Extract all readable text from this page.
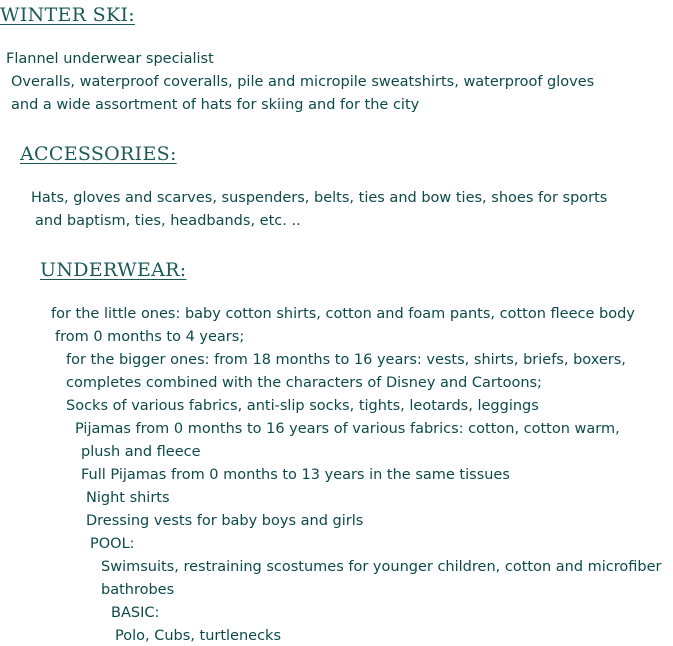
WINTER SKI:
Flannel underwear specialist
Overalls, waterproof coveralls, pile and micropile sweatshirts, waterproof gloves
and a wide assortment of hats for skiing and for the city
ACCESSORIES:
Hats, gloves and scarves, suspenders, belts, ties and bow ties, shoes for sports
and baptism, ties, headbands, etc. ..
UNDERWEAR:
for the little ones: baby cotton shirts, cotton and foam pants, cotton fleece body
from 0 months to 4 years;
for the bigger ones: from 18 months to 16 years: vests, shirts, briefs, boxers,
completes combined with the characters of Disney and Cartoons;
Socks of various fabrics, anti-slip socks, tights, leotards, leggings
Pijamas from 0 months to 16 years of various fabrics: cotton, cotton warm,
plush and fleece
Full Pijamas from 0 months to 13 years in the same tissues
Night shirts
Dressing vests for baby boys and girls
POOL:
Swimsuits, restraining scostumes for younger children, cotton and microfiber
bathrobes
BASIC:
Polo, Cubs, turtlenecks
